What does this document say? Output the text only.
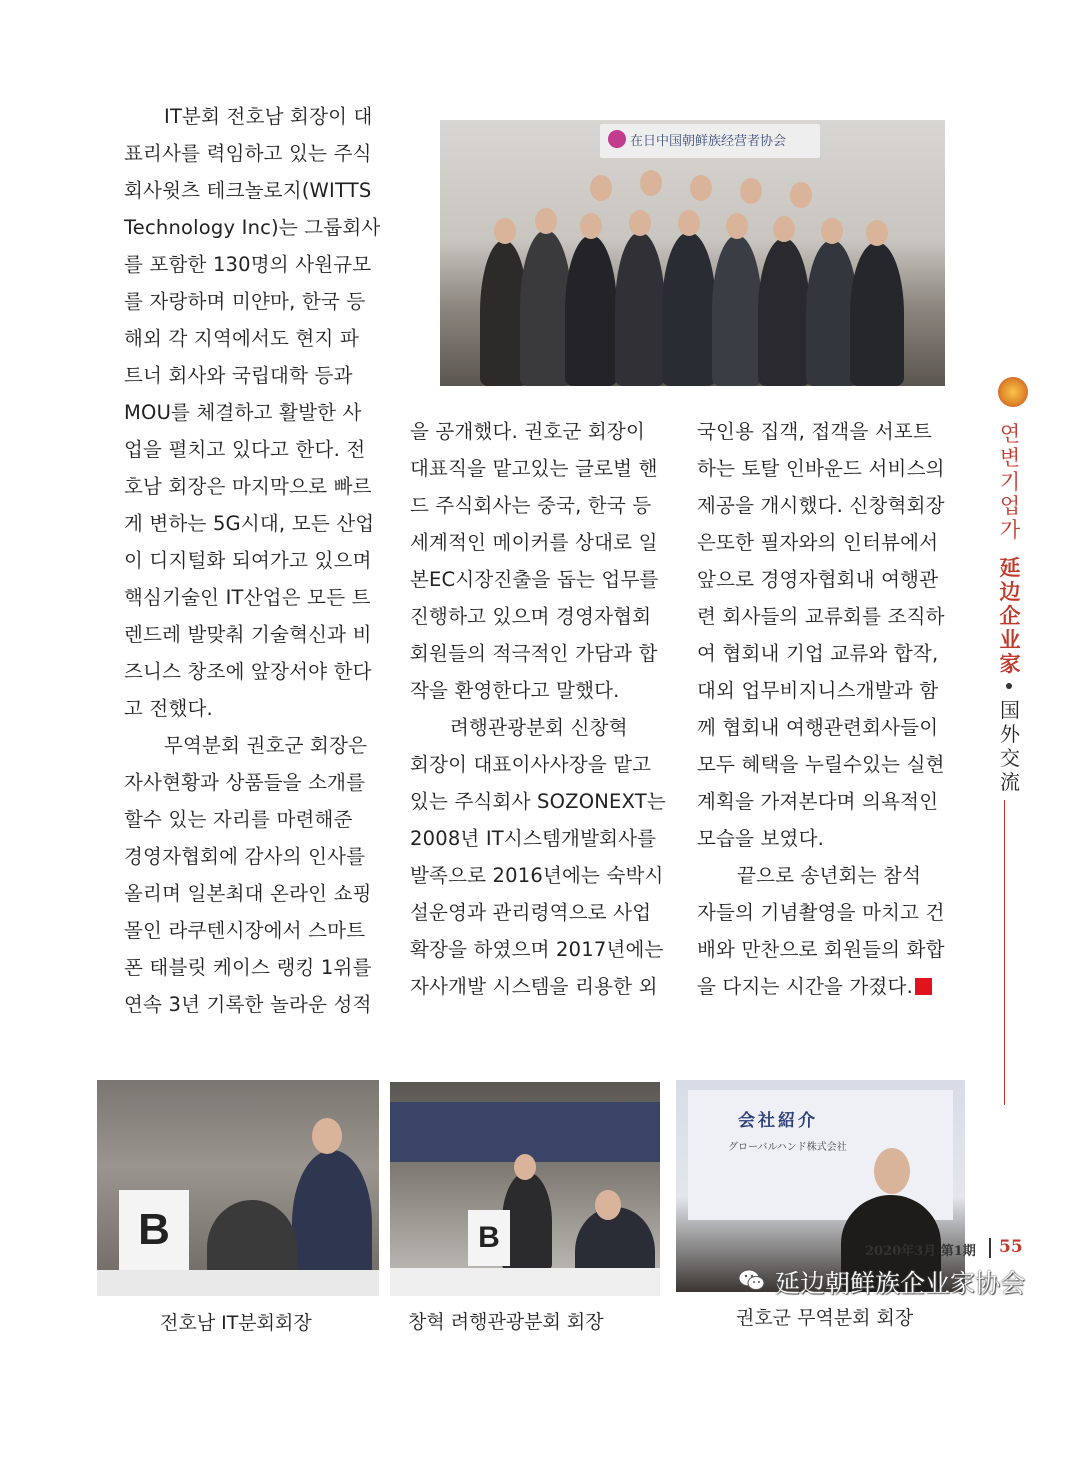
IT분회 전호남 회장이 대
표리사를 력임하고 있는 주식
회사윗츠 테크놀로지(WITTS
Technology Inc)는 그룹회사
를 포함한 130명의 사원규모
를 자랑하며 미얀마, 한국 등
해외 각 지역에서도 현지 파
트너 회사와 국립대학 등과
MOU를 체결하고 활발한 사
업을 펼치고 있다고 한다. 전
호남 회장은 마지막으로 빠르
게 변하는 5G시대, 모든 산업
이 디지털화 되여가고 있으며
핵심기술인 IT산업은 모든 트
렌드레 발맞춰 기술혁신과 비
즈니스 창조에 앞장서야 한다
고 전했다.
무역분회 권호군 회장은
자사현황과 상품들을 소개를
할수 있는 자리를 마련해준
경영자협회에 감사의 인사를
올리며 일본최대 온라인 쇼핑
몰인 라쿠텐시장에서 스마트
폰 태블릿 케이스 랭킹 1위를
연속 3년 기록한 놀라운 성적
을 공개했다. 권호군 회장이
대표직을 맡고있는 글로벌 핸
드 주식회사는 중국, 한국 등
세계적인 메이커를 상대로 일
본EC시장진출을 돕는 업무를
진행하고 있으며 경영자협회
회원들의 적극적인 가담과 합
작을 환영한다고 말했다.
려행관광분회 신창혁
회장이 대표이사사장을 맡고
있는 주식회사 SOZONEXT는
2008년 IT시스템개발회사를
발족으로 2016년에는 숙박시
설운영과 관리령역으로 사업
확장을 하였으며 2017년에는
자사개발 시스템을 리용한 외
국인용 집객, 접객을 서포트
하는 토탈 인바운드 서비스의
제공을 개시했다. 신창혁회장
은또한 필자와의 인터뷰에서
앞으로 경영자협회내 여행관
련 회사들의 교류회를 조직하
여 협회내 기업 교류와 합작,
대외 업무비지니스개발과 함
께 협회내 여행관련회사들이
모두 혜택을 누릴수있는 실현
계획을 가져본다며 의욕적인
모습을 보였다.
끝으로 송년회는 참석
자들의 기념촬영을 마치고 건
배와 만찬으로 회원들의 화합
을 다지는 시간을 가졌다.
在日中国朝鲜族经营者协会
B	B
会社紹介
グローバルハンド株式会社
전호남 IT분회회장	창혁 려행관광분회 회장	권호군 무역분회 회장
연
변
기
업
가
延
边
企
业
家
国
外
交
流
2020年3月 第1期 55
延边朝鲜族企业家协会
